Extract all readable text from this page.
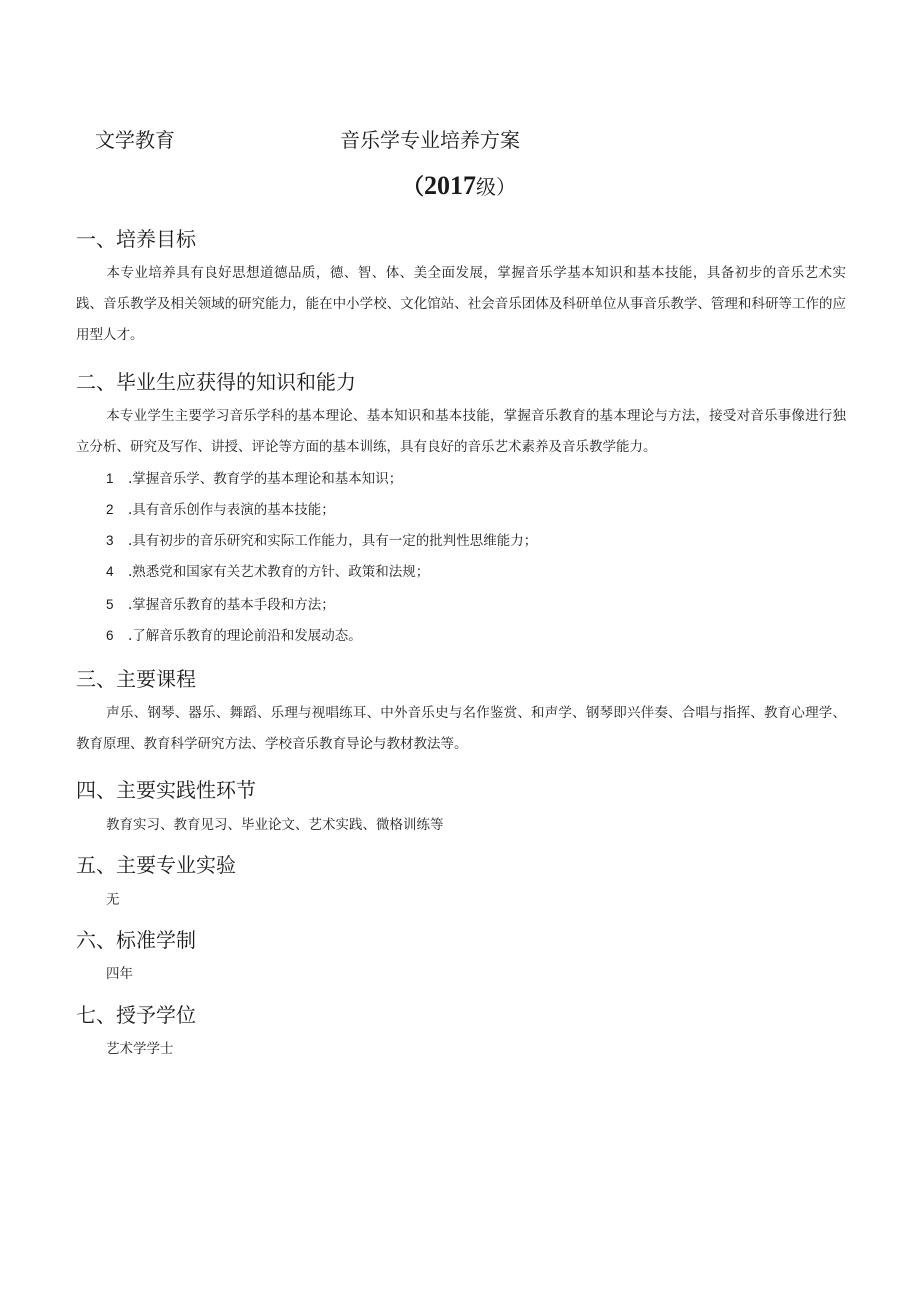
文学教育	音乐学专业培养方案
（2017级）
一、培养目标
本专业培养具有良好思想道德品质，德、智、体、美全面发展，掌握音乐学基本知识和基本技能，具备初步的音乐艺术实践、音乐教学及相关领域的研究能力，能在中小学校、文化馆站、社会音乐团体及科研单位从事音乐教学、管理和科研等工作的应用型人才。
二、毕业生应获得的知识和能力
本专业学生主要学习音乐学科的基本理论、基本知识和基本技能，掌握音乐教育的基本理论与方法，接受对音乐事像进行独立分析、研究及写作、讲授、评论等方面的基本训练，具有良好的音乐艺术素养及音乐教学能力。
1 .掌握音乐学、教育学的基本理论和基本知识；
2 .具有音乐创作与表演的基本技能；
3 .具有初步的音乐研究和实际工作能力，具有一定的批判性思维能力；
4 .熟悉党和国家有关艺术教育的方针、政策和法规；
5 .掌握音乐教育的基本手段和方法；
6 .了解音乐教育的理论前沿和发展动态。
三、主要课程
声乐、钢琴、器乐、舞蹈、乐理与视唱练耳、中外音乐史与名作鉴赏、和声学、钢琴即兴伴奏、合唱与指挥、教育心理学、教育原理、教育科学研究方法、学校音乐教育导论与教材教法等。
四、主要实践性环节
教育实习、教育见习、毕业论文、艺术实践、微格训练等
五、主要专业实验
无
六、标准学制
四年
七、授予学位
艺术学学士
